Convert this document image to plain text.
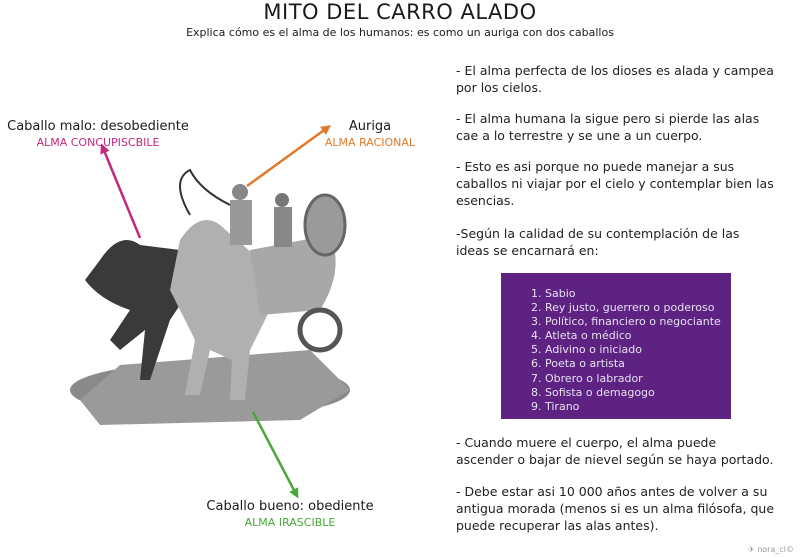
MITO DEL CARRO ALADO
Explica cómo es el alma de los humanos: es como un auriga con dos caballos
Caballo malo: desobediente
ALMA CONCUPISCBILE
Auriga
ALMA RACIONAL
Caballo bueno: obediente
ALMA IRASCIBLE
- El alma perfecta de los dioses es alada y campea por los cielos.
- El alma humana la sigue pero si pierde las alas cae a lo terrestre y se une a un cuerpo.
- Esto es asi porque no puede manejar a sus caballos ni viajar por el cielo y contemplar bien las esencias.
-Según la calidad de su contemplación de las ideas se encarnará en:
1. Sabio
2. Rey justo, guerrero o poderoso
3. Político, financiero o negociante
4. Atleta o médico
5. Adivino o iniciado
6. Poeta o artista
7. Obrero o labrador
8. Sofista o demagogo
9. Tirano
- Cuando muere el cuerpo, el alma puede ascender o bajar de nievel según se haya portado.
- Debe estar asi 10 000 años antes de volver a su antigua morada (menos si es un alma filósofa, que puede recuperar las alas antes).
✈ nora_cl©
